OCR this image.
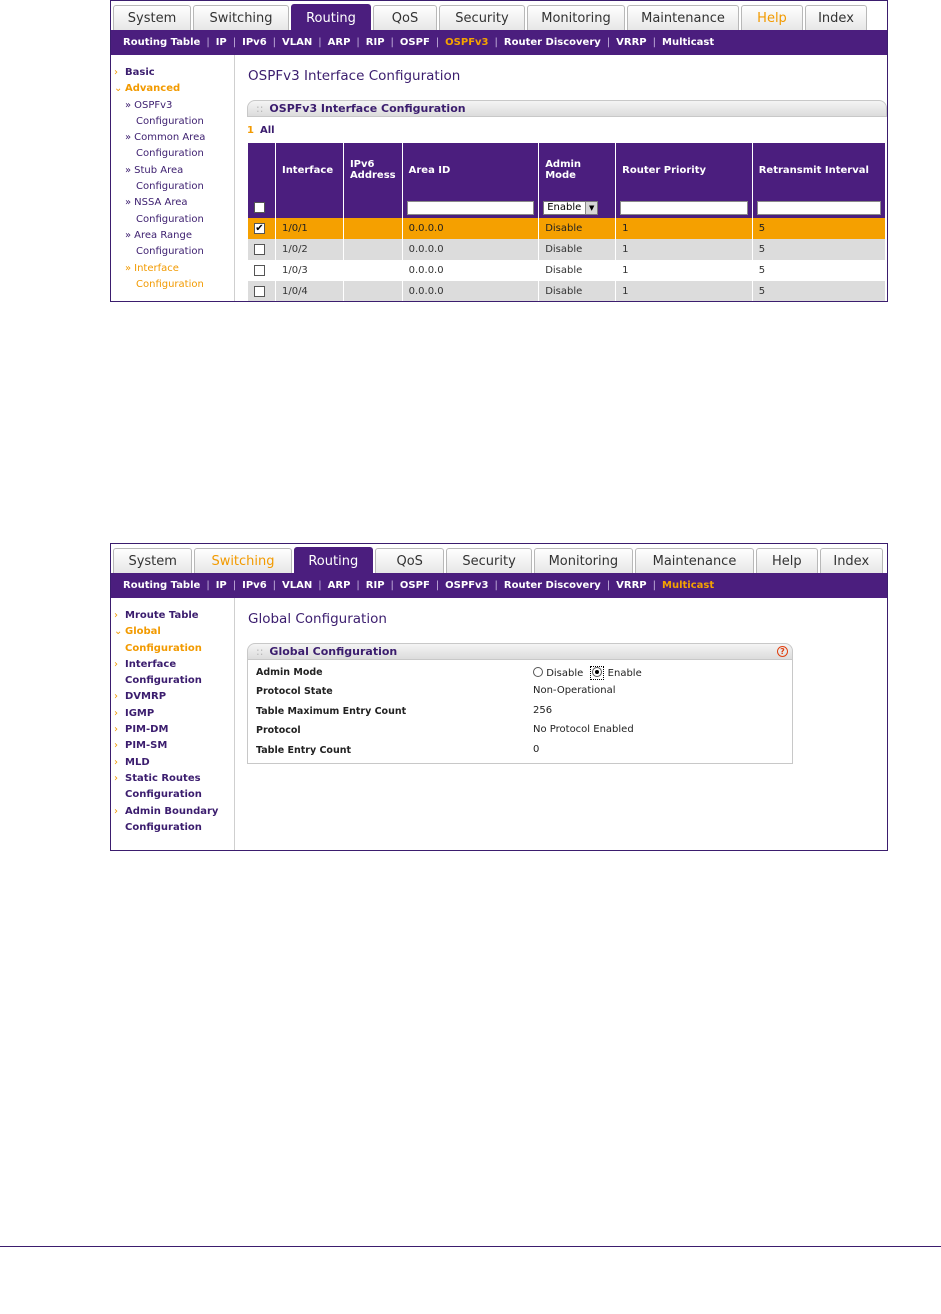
System	Switching	Routing	QoS	Security	Monitoring	Maintenance	Help	Index
Routing Table | IP | IPv6 | VLAN | ARP | RIP | OSPF | OSPFv3 | Router Discovery | VRRP | Multicast
› Basic
⌄ Advanced
» OSPFv3
Configuration
» Common Area
Configuration
» Stub Area
Configuration
» NSSA Area
Configuration
» Area Range
Configuration
» Interface
Configuration
OSPFv3 Interface Configuration
:: OSPFv3 Interface Configuration
1 All
	Interface	IPv6 Address	Area ID	Admin Mode	Router Priority	Retransmit Interval

				Enable ▼		

✔	1/0/1		0.0.0.0	Disable	1	5
	1/0/2		0.0.0.0	Disable	1	5
	1/0/3		0.0.0.0	Disable	1	5
	1/0/4		0.0.0.0	Disable	1	5
System	Switching	Routing	QoS	Security	Monitoring	Maintenance	Help	Index
Routing Table | IP | IPv6 | VLAN | ARP | RIP | OSPF | OSPFv3 | Router Discovery | VRRP | Multicast
› Mroute Table
⌄ Global
Configuration
› Interface
Configuration
› DVMRP
› IGMP
› PIM-DM
› PIM-SM
› MLD
› Static Routes
Configuration
› Admin Boundary
Configuration
Global Configuration
:: Global Configuration	?
Admin Mode	Disable Enable
Protocol State	Non-Operational
Table Maximum Entry Count	256
Protocol	No Protocol Enabled
Table Entry Count	0
